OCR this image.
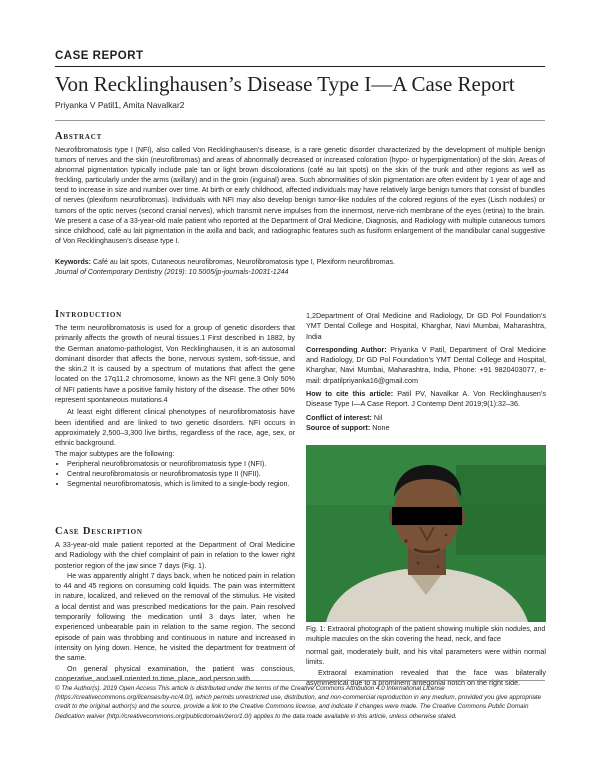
CASE REPORT
Von Recklinghausen’s Disease Type I—A Case Report
Priyanka V Patil1, Amita Navalkar2
Abstract
Neurofibromatosis type I (NFI), also called Von Recklinghausen’s disease, is a rare genetic disorder characterized by the development of multiple benign tumors of nerves and the skin (neurofibromas) and areas of abnormally decreased or increased coloration (hypo- or hyperpigmentation) of the skin. Areas of abnormal pigmentation typically include pale tan or light brown discolorations (café au lait spots) on the skin of the trunk and other regions as well as freckling, particularly under the arms (axillary) and in the groin (inguinal) area. Such abnormalities of skin pigmentation are often evident by 1 year of age and tend to increase in size and number over time. At birth or early childhood, affected individuals may have relatively large benign tumors that consist of bundles of nerves (plexiform neurofibromas). Individuals with NFI may also develop benign tumor-like nodules of the colored regions of the eyes (Lisch nodules) or tumors of the optic nerves (second cranial nerves), which transmit nerve impulses from the innermost, nerve-rich membrane of the eyes (retina) to the brain. We present a case of a 33-year-old male patient who reported at the Department of Oral Medicine, Diagnosis, and Radiology with multiple cutaneous tumors since childhood, café au lait pigmentation in the axilla and back, and radiographic features such as fusiform enlargement of the mandibular canal suggestive of Von Recklinghausen’s disease type I.
Keywords: Café au lait spots, Cutaneous neurofibromas, Neurofibromatosis type I, Plexiform neurofibromas.
Journal of Contemporary Dentistry (2019): 10.5005/jp-journals-10031-1244
Introduction
The term neurofibromatosis is used for a group of genetic disorders that primarily affects the growth of neural tissues.1 First described in 1882, by the German anatomo-pathologist, Von Recklinghausen, it is an autosomal dominant disorder that affects the bone, nervous system, soft-tissue, and the skin.2 It is caused by a spectrum of mutations that affect the gene located on the 17q11.2 chromosome, known as the NFI gene.3 Only 50% of NFI patients have a positive family history of the disease. The other 50% represent spontaneous mutations.4
At least eight different clinical phenotypes of neurofibromatosis have been identified and are linked to two genetic disorders. NFI occurs in approximately 2,500–3,300 live births, regardless of the race, age, sex, or ethnic background.
The major subtypes are the following:
• Peripheral neurofibromatosis or neurofibromatosis type I (NFI).
• Central neurofibromatosis or neurofibromatosis type II (NFII).
• Segmental neurofibromatosis, which is limited to a single-body region.
Case Description
A 33-year-old male patient reported at the Department of Oral Medicine and Radiology with the chief complaint of pain in relation to the lower right posterior region of the jaw since 7 days (Fig. 1).
He was apparently alright 7 days back, when he noticed pain in relation to 44 and 45 regions on consuming cold liquids. The pain was intermittent in nature, localized, and relieved on the removal of the stimulus. He visited a local dentist and was prescribed medications for the pain. Pain resolved temporarily following the medication until 3 days later, when he experienced unbearable pain in relation to the same region. The second episode of pain was throbbing and continuous in nature and increased in intensity on lying down. Hence, he visited the department for treatment of the same.
On general physical examination, the patient was conscious, cooperative, and well oriented to time, place, and person with
1,2Department of Oral Medicine and Radiology, Dr GD Pol Foundation’s YMT Dental College and Hospital, Kharghar, Navi Mumbai, Maharashtra, India
Corresponding Author: Priyanka V Patil, Department of Oral Medicine and Radiology, Dr GD Pol Foundation’s YMT Dental College and Hospital, Kharghar, Navi Mumbai, Maharashtra, India, Phone: +91 9820403077, e-mail: drpatilpriyanka16@gmail.com
How to cite this article: Patil PV, Navalkar A. Von Recklinghausen’s Disease Type I—A Case Report. J Contemp Dent 2019;9(1):32–36.
Conflict of interest: Nil
Source of support: None
Fig. 1: Extraoral photograph of the patient showing multiple skin nodules, and multiple macules on the skin covering the head, neck, and face
normal gait, moderately built, and his vital parameters were within normal limits.
Extraoral examination revealed that the face was bilaterally asymmetrical due to a prominent antegonial notch on the right side.
© The Author(s). 2019 Open Access This article is distributed under the terms of the Creative Commons Attribution 4.0 International License (https://creativecommons.org/licenses/by-nc/4.0/), which permits unrestricted use, distribution, and non-commercial reproduction in any medium, provided you give appropriate credit to the original author(s) and the source, provide a link to the Creative Commons license, and indicate if changes were made. The Creative Commons Public Domain Dedication waiver (http://creativecommons.org/publicdomain/zero/1.0/) applies to the data made available in this article, unless otherwise stated.
